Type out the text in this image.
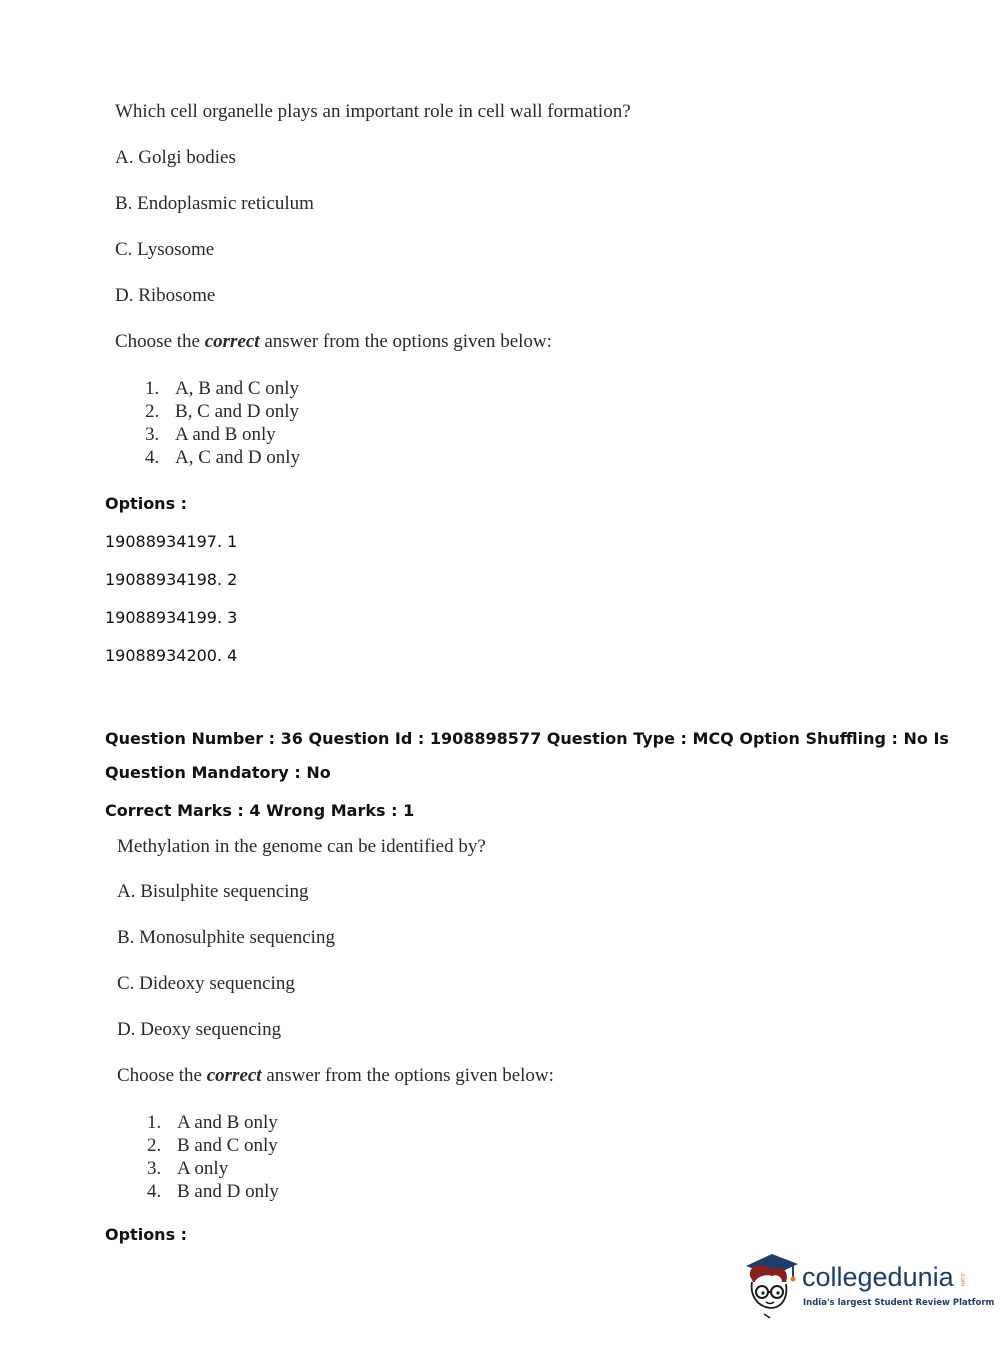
Which cell organelle plays an important role in cell wall formation?
A. Golgi bodies
B. Endoplasmic reticulum
C. Lysosome
D. Ribosome
Choose the correct answer from the options given below:
1. A, B and C only
2. B, C and D only
3. A and B only
4. A, C and D only
Options :
19088934197. 1
19088934198. 2
19088934199. 3
19088934200. 4
Question Number : 36 Question Id : 1908898577 Question Type : MCQ Option Shuffling : No Is
Question Mandatory : No
Correct Marks : 4 Wrong Marks : 1
Methylation in the genome can be identified by?
A. Bisulphite sequencing
B. Monosulphite sequencing
C. Dideoxy sequencing
D. Deoxy sequencing
Choose the correct answer from the options given below:
1. A and B only
2. B and C only
3. A only
4. B and D only
Options :
collegedunia .com
India's largest Student Review Platform
